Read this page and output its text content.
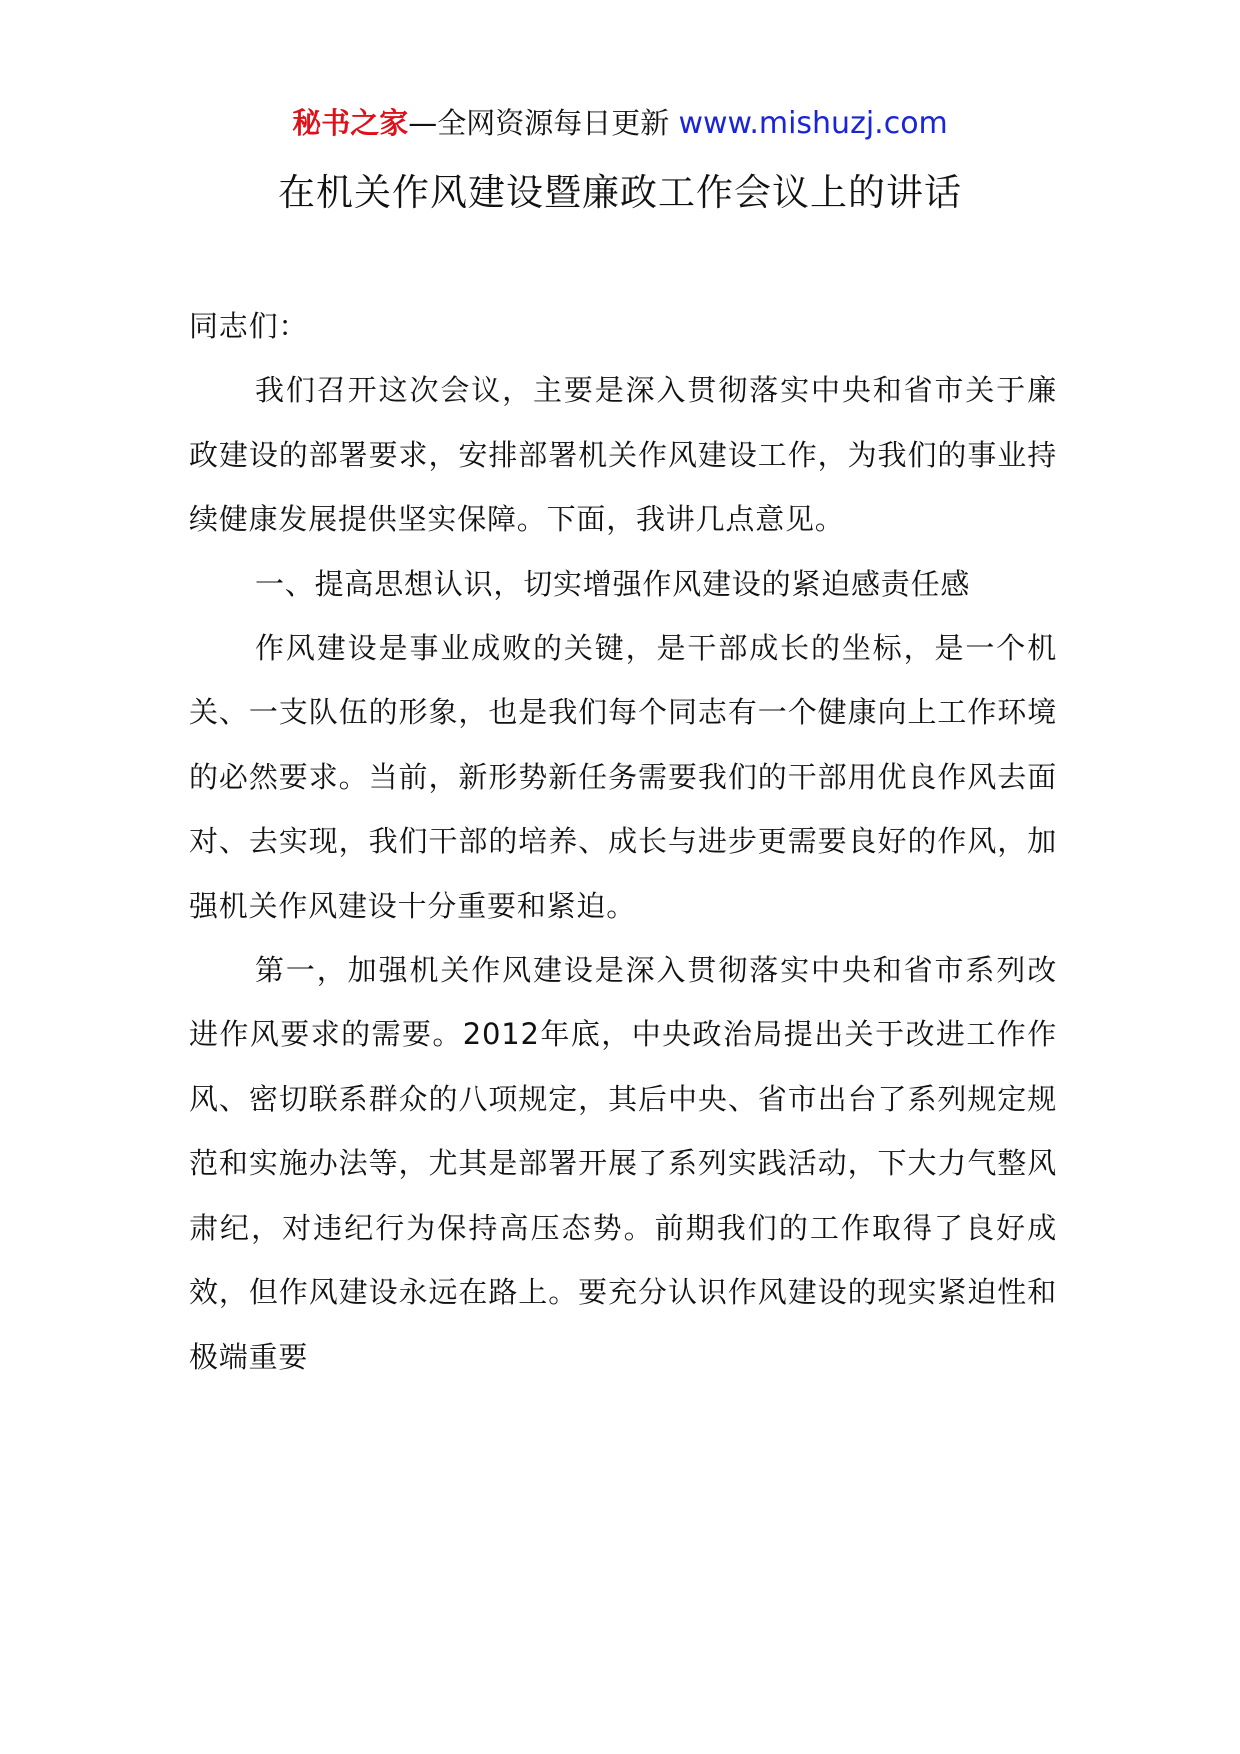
秘书之家—全网资源每日更新 www.mishuzj.com
在机关作风建设暨廉政工作会议上的讲话

同志们：

我们召开这次会议，主要是深入贯彻落实中央和省市关于廉政建设的部署要求，安排部署机关作风建设工作，为我们的事业持续健康发展提供坚实保障。下面，我讲几点意见。

一、提高思想认识，切实增强作风建设的紧迫感责任感

作风建设是事业成败的关键，是干部成长的坐标，是一个机关、一支队伍的形象，也是我们每个同志有一个健康向上工作环境的必然要求。当前，新形势新任务需要我们的干部用优良作风去面对、去实现，我们干部的培养、成长与进步更需要良好的作风，加强机关作风建设十分重要和紧迫。

第一，加强机关作风建设是深入贯彻落实中央和省市系列改进作风要求的需要。2012年底，中央政治局提出关于改进工作作风、密切联系群众的八项规定，其后中央、省市出台了系列规定规范和实施办法等，尤其是部署开展了系列实践活动，下大力气整风肃纪，对违纪行为保持高压态势。前期我们的工作取得了良好成效，但作风建设永远在路上。要充分认识作风建设的现实紧迫性和极端重要
